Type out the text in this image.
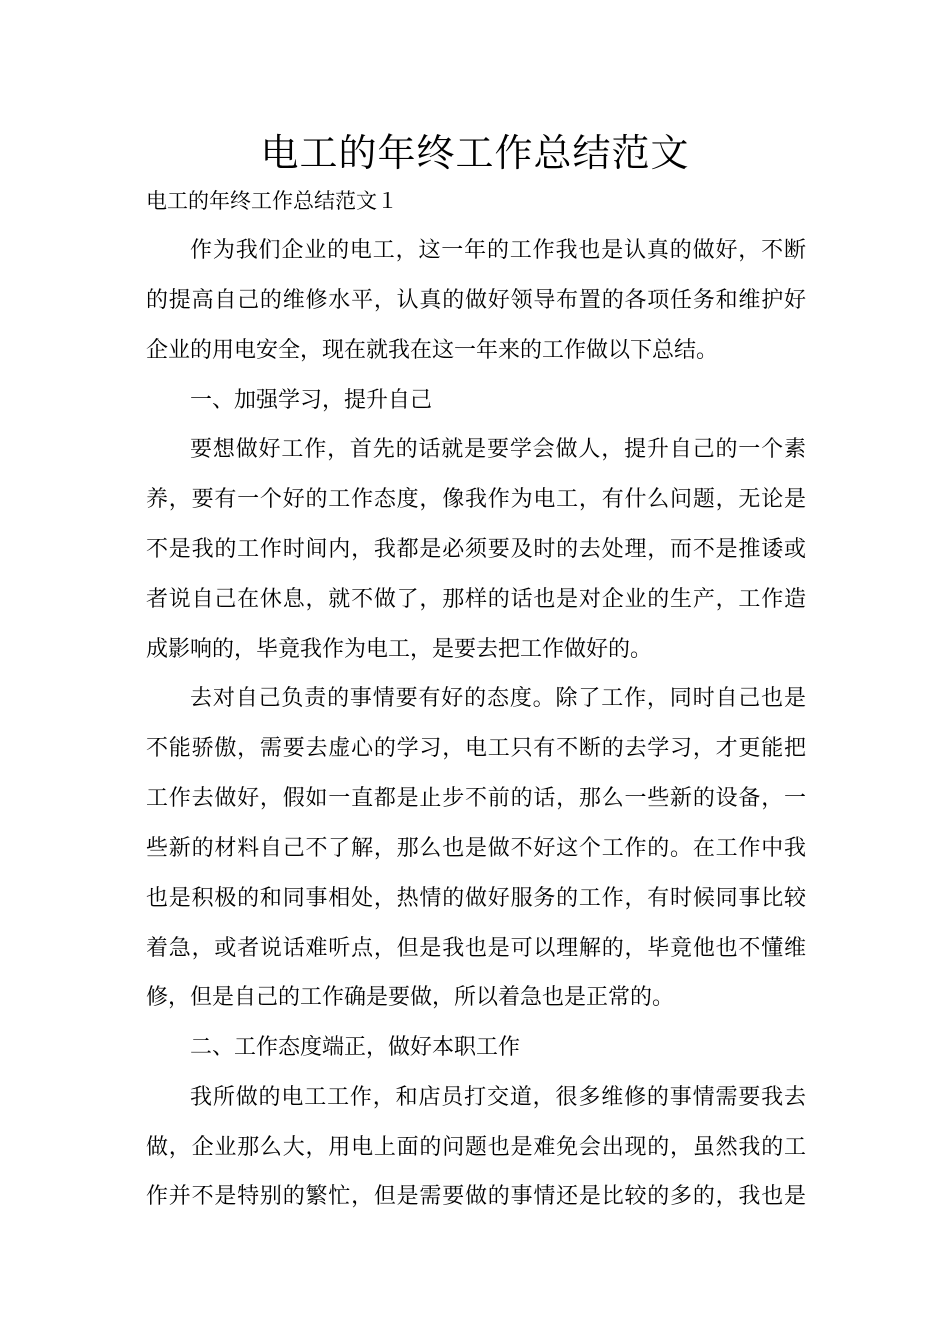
电工的年终工作总结范文

电工的年终工作总结范文１

作为我们企业的电工，这一年的工作我也是认真的做好，不断

的提高自己的维修水平，认真的做好领导布置的各项任务和维护好

企业的用电安全，现在就我在这一年来的工作做以下总结。

一、加强学习，提升自己

要想做好工作，首先的话就是要学会做人，提升自己的一个素

养，要有一个好的工作态度，像我作为电工，有什么问题，无论是

不是我的工作时间内，我都是必须要及时的去处理，而不是推诿或

者说自己在休息，就不做了，那样的话也是对企业的生产，工作造

成影响的，毕竟我作为电工，是要去把工作做好的。

去对自己负责的事情要有好的态度。除了工作，同时自己也是

不能骄傲，需要去虚心的学习，电工只有不断的去学习，才更能把

工作去做好，假如一直都是止步不前的话，那么一些新的设备，一

些新的材料自己不了解，那么也是做不好这个工作的。在工作中我

也是积极的和同事相处，热情的做好服务的工作，有时候同事比较

着急，或者说话难听点，但是我也是可以理解的，毕竟他也不懂维

修，但是自己的工作确是要做，所以着急也是正常的。

二、工作态度端正，做好本职工作

我所做的电工工作，和店员打交道，很多维修的事情需要我去

做，企业那么大，用电上面的问题也是难免会出现的，虽然我的工

作并不是特别的繁忙，但是需要做的事情还是比较的多的，我也是
